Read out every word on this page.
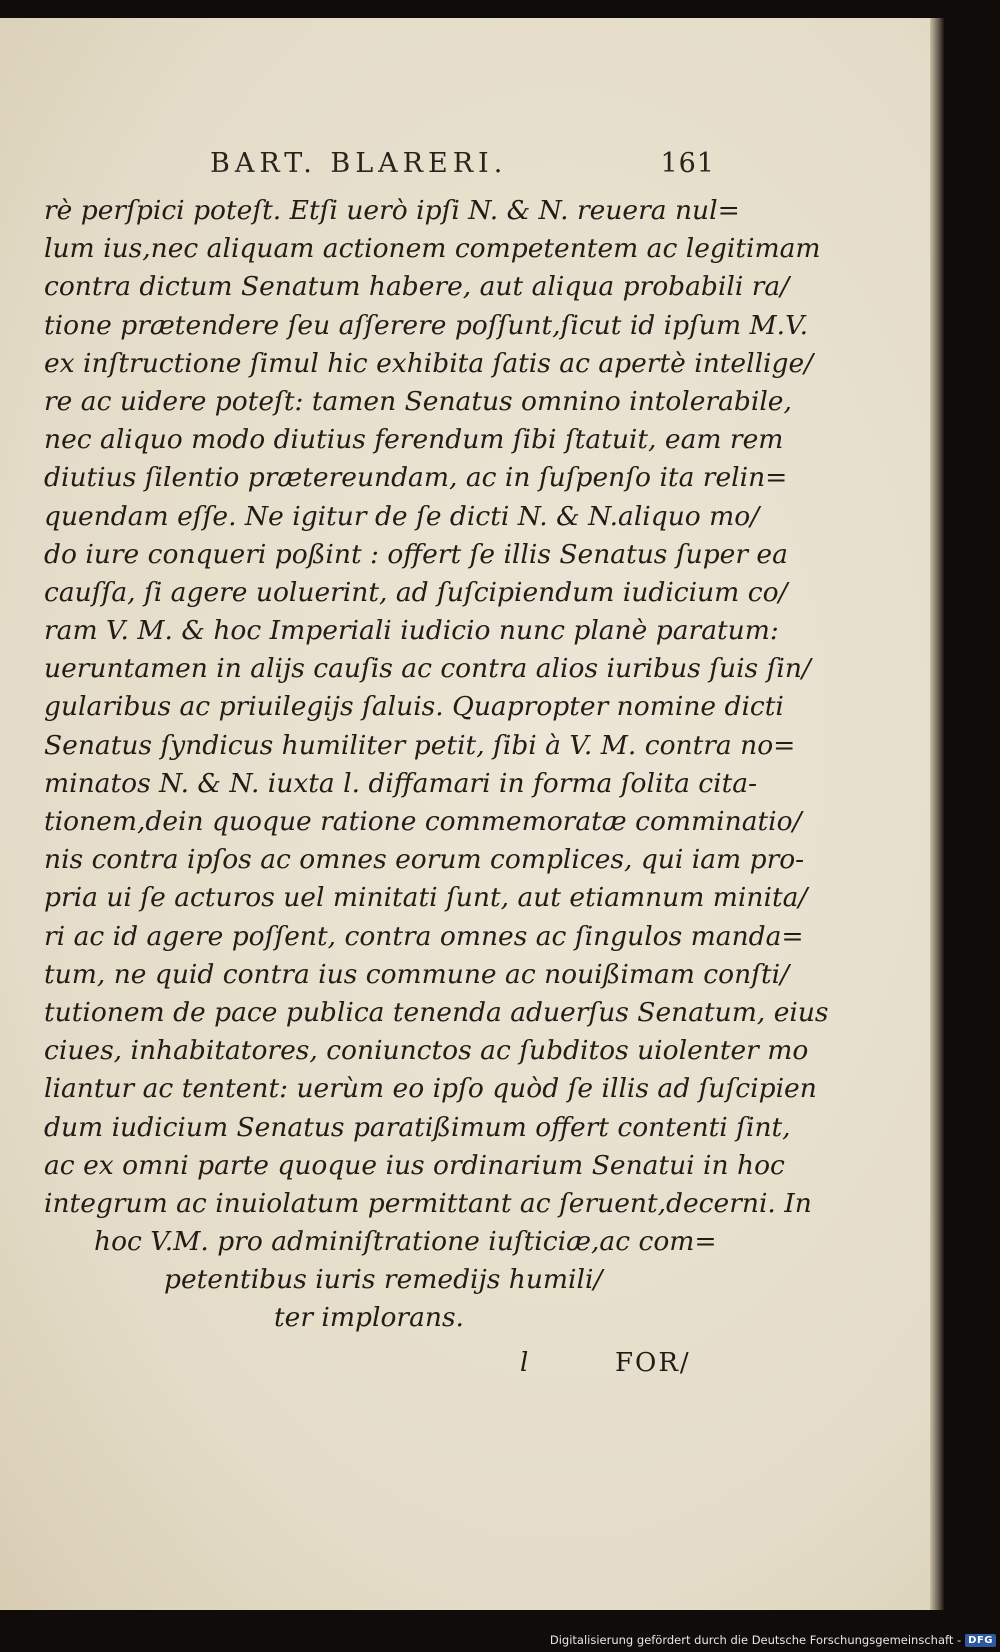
BART. BLARERI.	161
rè perſpici poteſt. Etſi uerò ipſi N. & N. reuera nul=
lum ius,nec aliquam actionem competentem ac legitimam
contra dictum Senatum habere, aut aliqua probabili ra/
tione prætendere ſeu aſſerere poſſunt,ſicut id ipſum M.V.
ex inſtructione ſimul hic exhibita ſatis ac apertè intellige/
re ac uidere poteſt: tamen Senatus omnino intolerabile,
nec aliquo modo diutius ferendum ſibi ſtatuit, eam rem
diutius ſilentio prætereundam, ac in ſuſpenſo ita relin=
quendam eſſe. Ne igitur de ſe dicti N. & N.aliquo mo/
do iure conqueri poßint : offert ſe illis Senatus ſuper ea
cauſſa, ſi agere uoluerint, ad ſuſcipiendum iudicium co/
ram V. M. & hoc Imperiali iudicio nunc planè paratum:
ueruntamen in alijs cauſis ac contra alios iuribus ſuis ſin/
gularibus ac priuilegijs ſaluis. Quapropter nomine dicti
Senatus ſyndicus humiliter petit, ſibi à V. M. contra no=
minatos N. & N. iuxta l. diffamari in forma ſolita cita-
tionem,dein quoque ratione commemoratæ comminatio/
nis contra ipſos ac omnes eorum complices, qui iam pro-
pria ui ſe acturos uel minitati ſunt, aut etiamnum minita/
ri ac id agere poſſent, contra omnes ac ſingulos manda=
tum, ne quid contra ius commune ac nouißimam conſti/
tutionem de pace publica tenenda aduerſus Senatum, eius
ciues, inhabitatores, coniunctos ac ſubditos uiolenter mo
liantur ac tentent: uerùm eo ipſo quòd ſe illis ad ſuſcipien
dum iudicium Senatus paratißimum offert contenti ſint,
ac ex omni parte quoque ius ordinarium Senatui in hoc
integrum ac inuiolatum permittant ac ſeruent,decerni. In
hoc V.M. pro adminiſtratione iuſticiæ,ac com=
petentibus iuris remedijs humili/
ter implorans.
l	FOR/
Digitalisierung gefördert durch die Deutsche Forschungsgemeinschaft - DFG
